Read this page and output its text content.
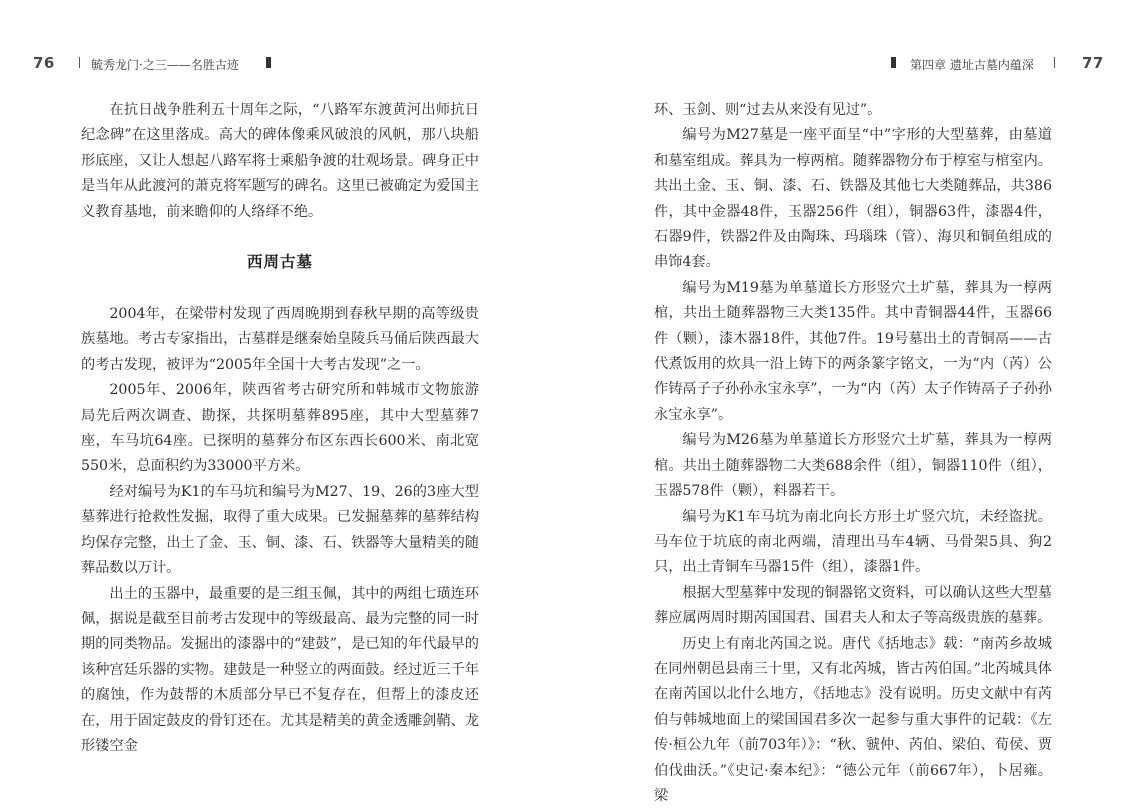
76	毓秀龙门·之三——名胜古迹

在抗日战争胜利五十周年之际，“八路军东渡黄河出师抗日纪念碑”在这里落成。高大的碑体像乘风破浪的风帆，那八块船形底座，又让人想起八路军将士乘船争渡的壮观场景。碑身正中是当年从此渡河的萧克将军题写的碑名。这里已被确定为爱国主义教育基地，前来瞻仰的人络绎不绝。

西周古墓

2004年，在梁带村发现了西周晚期到春秋早期的高等级贵族墓地。考古专家指出，古墓群是继秦始皇陵兵马俑后陕西最大的考古发现，被评为“2005年全国十大考古发现”之一。

2005年、2006年，陕西省考古研究所和韩城市文物旅游局先后两次调查、勘探，共探明墓葬895座，其中大型墓葬7座，车马坑64座。已探明的墓葬分布区东西长600米、南北宽550米，总面积约为33000平方米。

经对编号为K1的车马坑和编号为M27、19、26的3座大型墓葬进行抢救性发掘，取得了重大成果。已发掘墓葬的墓葬结构均保存完整，出土了金、玉、铜、漆、石、铁器等大量精美的随葬品数以万计。

出土的玉器中，最重要的是三组玉佩，其中的两组七璜连环佩，据说是截至目前考古发现中的等级最高、最为完整的同一时期的同类物品。发掘出的漆器中的“建鼓”，是已知的年代最早的该种宫廷乐器的实物。建鼓是一种竖立的两面鼓。经过近三千年的腐蚀，作为鼓帮的木质部分早已不复存在，但帮上的漆皮还在，用于固定鼓皮的骨钉还在。尤其是精美的黄金透雕剑鞘、龙形镂空金

第四章 遗址古墓内蕴深	77

环、玉剑、则“过去从来没有见过”。

编号为M27墓是一座平面呈“中”字形的大型墓葬，由墓道和墓室组成。葬具为一椁两棺。随葬器物分布于椁室与棺室内。共出土金、玉、铜、漆、石、铁器及其他七大类随葬品，共386件，其中金器48件，玉器256件（组），铜器63件，漆器4件，石器9件，铁器2件及由陶珠、玛瑙珠（管）、海贝和铜鱼组成的串饰4套。

编号为M19墓为单墓道长方形竖穴土圹墓，葬具为一椁两棺，共出土随葬器物三大类135件。其中青铜器44件，玉器66件（颗），漆木器18件，其他7件。19号墓出土的青铜鬲——古代煮饭用的炊具一沿上铸下的两条篆字铭文，一为“内（芮）公作铸鬲子子孙孙永宝永享”，一为“内（芮）太子作铸鬲子子孙孙永宝永享”。

编号为M26墓为单墓道长方形竖穴土圹墓，葬具为一椁两棺。共出土随葬器物二大类688余件（组），铜器110件（组），玉器578件（颗），料器若干。

编号为K1车马坑为南北向长方形土圹竖穴坑，未经盗扰。马车位于坑底的南北两端，清理出马车4辆、马骨架5具、狗2只，出土青铜车马器15件（组），漆器1件。

根据大型墓葬中发现的铜器铭文资料，可以确认这些大型墓葬应属两周时期芮国国君、国君夫人和太子等高级贵族的墓葬。

历史上有南北芮国之说。唐代《括地志》载：“南芮乡故城在同州朝邑县南三十里，又有北芮城，皆古芮伯国。”北芮城具体在南芮国以北什么地方，《括地志》没有说明。历史文献中有芮伯与韩城地面上的梁国国君多次一起参与重大事件的记载：《左传·桓公九年（前703年）》：“秋、虢仲、芮伯、梁伯、荀侯、贾伯伐曲沃。”《史记·秦本纪》：“德公元年（前667年），卜居雍。梁
